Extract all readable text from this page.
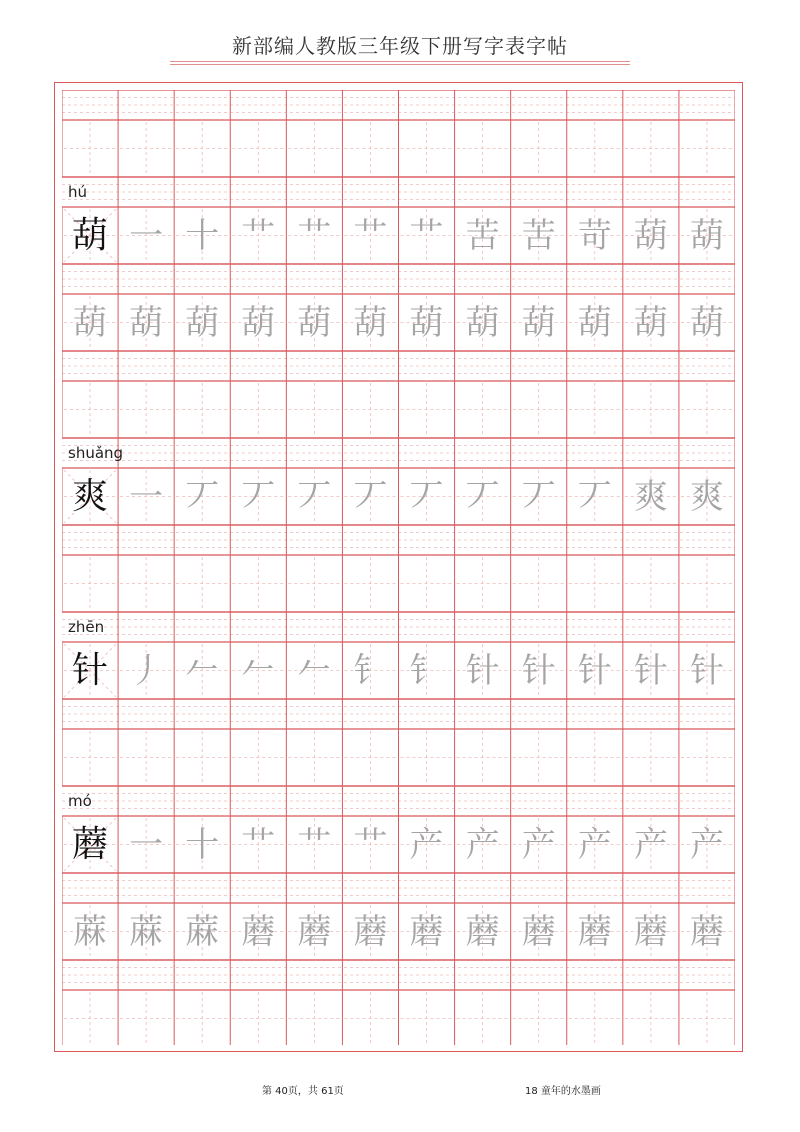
新部编人教版三年级下册写字表字帖
hú
葫 一 十 艹 艹 艹 艹 苦 苦 苛 葫 葫
葫 葫 葫 葫 葫 葫 葫 葫 葫 葫 葫 葫
shuǎng
爽 一 丆 丆 丆 丆 丆 丆 丆 丆 爽 爽
zhēn
针 丿 𠂉 𠂉 𠂉 钅 钅 针 针 针 针 针
mó
蘑 一 十 艹 艹 艹 产 产 产 产 产 产
蔴 蔴 蔴 蘑 蘑 蘑 蘑 蘑 蘑 蘑 蘑 蘑
第 40页，共 61页	18 童年的水墨画
